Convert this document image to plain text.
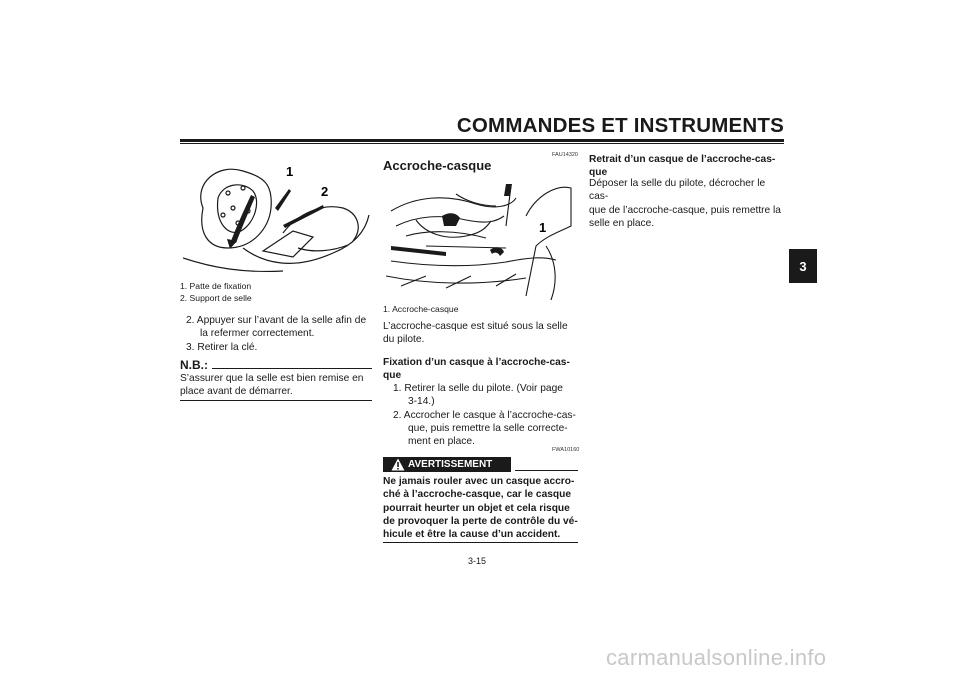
COMMANDES ET INSTRUMENTS
3
1
2
1. Patte de fixation
2. Support de selle
2. Appuyer sur l’avant de la selle afin de
la refermer correctement.
3. Retirer la clé.
N.B.:
S’assurer que la selle est bien remise en
place avant de démarrer.
FAU14320
Accroche-casque
1
1. Accroche-casque
L’accroche-casque est situé sous la selle
du pilote.
Fixation d’un casque à l’accroche-cas-
que
1. Retirer la selle du pilote. (Voir page
3-14.)
2. Accrocher le casque à l’accroche-cas-
que, puis remettre la selle correcte-
ment en place.
FWA10160
AVERTISSEMENT
Ne jamais rouler avec un casque accro-
ché à l’accroche-casque, car le casque
pourrait heurter un objet et cela risque
de provoquer la perte de contrôle du vé-
hicule et être la cause d’un accident.
Retrait d’un casque de l’accroche-cas-
que
Déposer la selle du pilote, décrocher le cas-
que de l’accroche-casque, puis remettre la
selle en place.
3-15
carmanualsonline.info
